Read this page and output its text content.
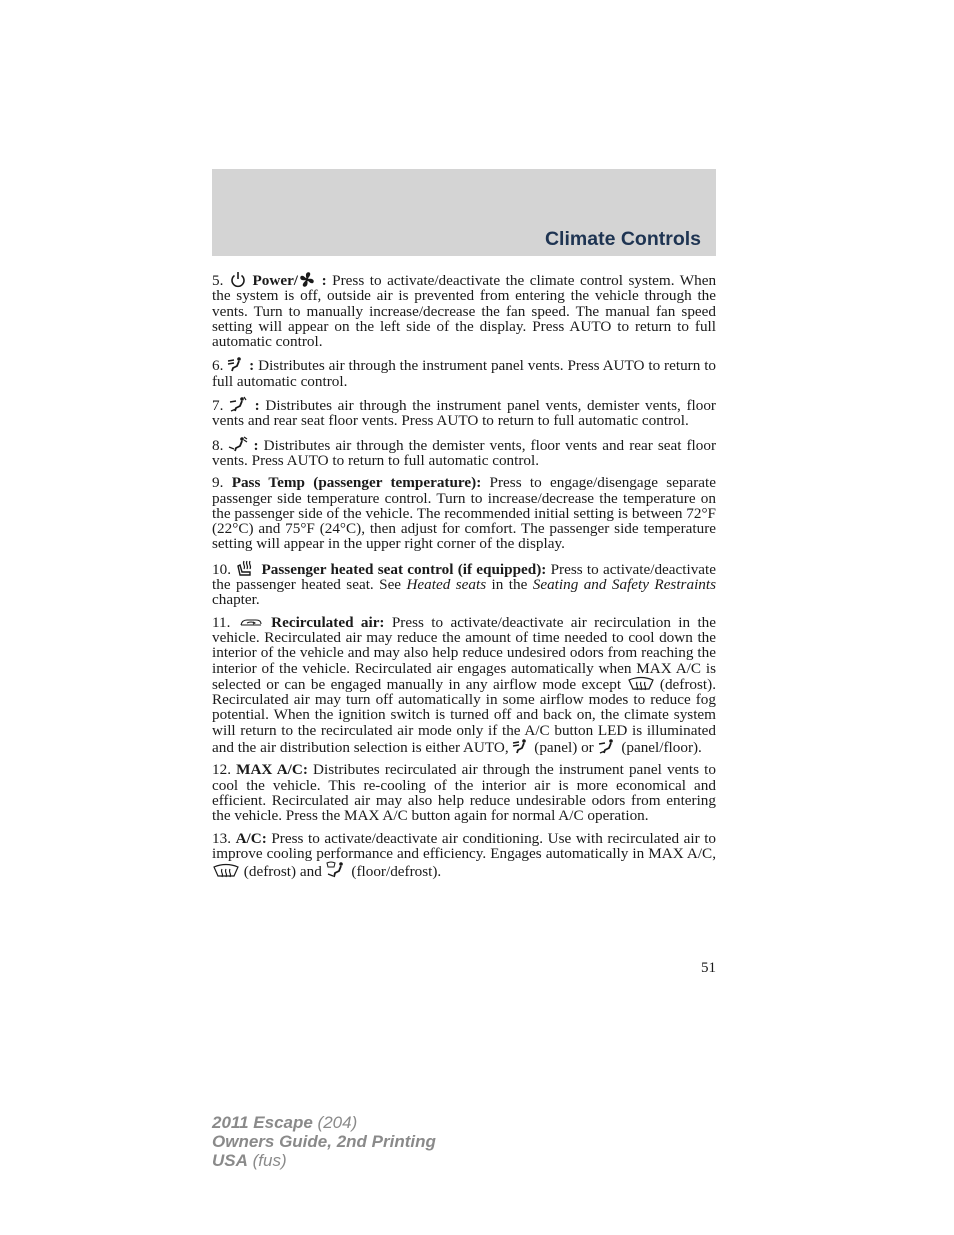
Climate Controls

5. Power/ : Press to activate/deactivate the climate control system. When the system is off, outside air is prevented from entering the vehicle through the vents. Turn to manually increase/decrease the fan speed. The manual fan speed setting will appear on the left side of the display. Press AUTO to return to full automatic control.

6. : Distributes air through the instrument panel vents. Press AUTO to return to full automatic control.

7. : Distributes air through the instrument panel vents, demister vents, floor vents and rear seat floor vents. Press AUTO to return to full automatic control.

8. : Distributes air through the demister vents, floor vents and rear seat floor vents. Press AUTO to return to full automatic control.

9. Pass Temp (passenger temperature): Press to engage/disengage separate passenger side temperature control. Turn to increase/decrease the temperature on the passenger side of the vehicle. The recommended initial setting is between 72°F (22°C) and 75°F (24°C), then adjust for comfort. The passenger side temperature setting will appear in the upper right corner of the display.

10. Passenger heated seat control (if equipped): Press to activate/deactivate the passenger heated seat. See Heated seats in the Seating and Safety Restraints chapter.

11.	Recirculated air: Press to activate/deactivate air recirculation in the vehicle. Recirculated air may reduce the amount of time needed to cool down the interior of the vehicle and may also help reduce undesired odors from reaching the interior of the vehicle. Recirculated air engages automatically when MAX A/C is selected or can be engaged manually in any airflow mode except	(defrost). Recirculated air may turn off automatically in some airflow modes to reduce fog potential. When the ignition switch is turned off and back on, the climate system will return to the recirculated air mode only if the A/C button LED is illuminated and the air distribution selection is either AUTO,
(panel) or
(panel/floor).

12. MAX A/C: Distributes recirculated air through the instrument panel vents to cool the vehicle. This re-cooling of the interior air is more economical and efficient. Recirculated air may also help reduce undesirable odors from entering the vehicle. Press the MAX A/C button again for normal A/C operation.

13. A/C: Press to activate/deactivate air conditioning. Use with recirculated air to improve cooling performance and efficiency. Engages automatically in MAX A/C,
(defrost) and
(floor/defrost).

51
2011 Escape (204)
Owners Guide, 2nd Printing
USA (fus)
